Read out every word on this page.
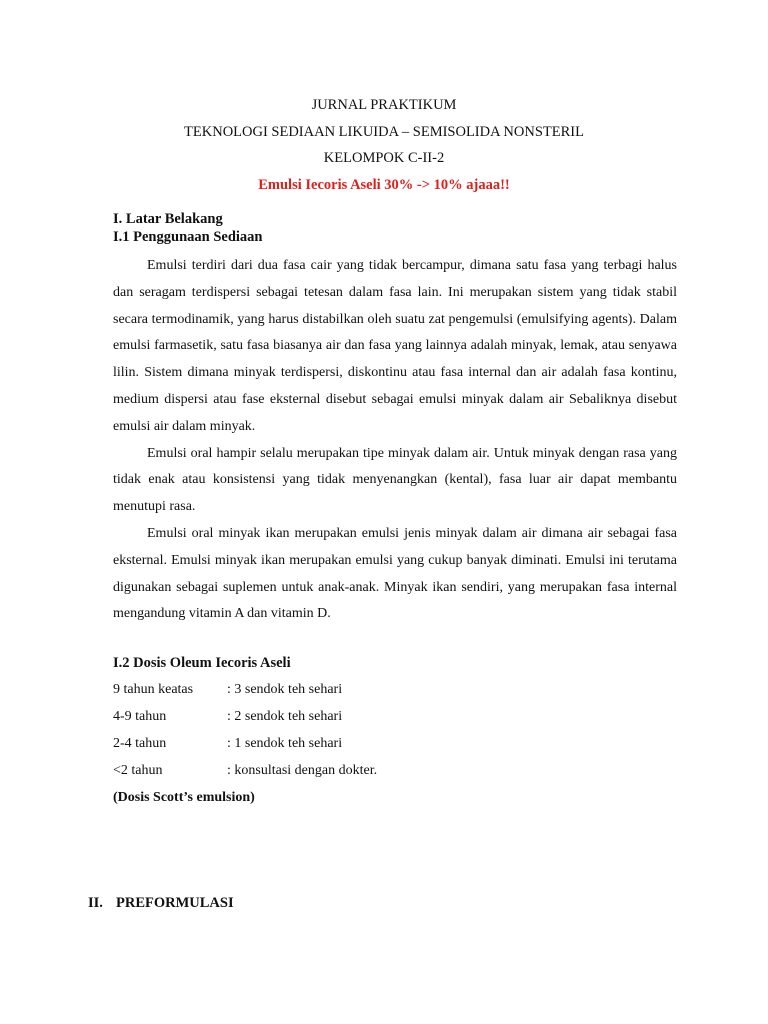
JURNAL PRAKTIKUM
TEKNOLOGI SEDIAAN LIKUIDA – SEMISOLIDA NONSTERIL
KELOMPOK C-II-2
Emulsi Iecoris Aseli 30% -> 10% ajaaa!!

I. Latar Belakang

I.1 Penggunaan Sediaan

Emulsi terdiri dari dua fasa cair yang tidak bercampur, dimana satu fasa yang terbagi halus dan seragam terdispersi sebagai tetesan dalam fasa lain. Ini merupakan sistem yang tidak stabil secara termodinamik, yang harus distabilkan oleh suatu zat pengemulsi (emulsifying agents). Dalam emulsi farmasetik, satu fasa biasanya air dan fasa yang lainnya adalah minyak, lemak, atau senyawa lilin. Sistem dimana minyak terdispersi, diskontinu atau fasa internal dan air adalah fasa kontinu, medium dispersi atau fase eksternal disebut sebagai emulsi minyak dalam air Sebaliknya disebut emulsi air dalam minyak.

Emulsi oral hampir selalu merupakan tipe minyak dalam air. Untuk minyak dengan rasa yang tidak enak atau konsistensi yang tidak menyenangkan (kental), fasa luar air dapat membantu menutupi rasa.

Emulsi oral minyak ikan merupakan emulsi jenis minyak dalam air dimana air sebagai fasa eksternal. Emulsi minyak ikan merupakan emulsi yang cukup banyak diminati. Emulsi ini terutama digunakan sebagai suplemen untuk anak-anak. Minyak ikan sendiri, yang merupakan fasa internal mengandung vitamin A dan vitamin D.

I.2 Dosis Oleum Iecoris Aseli

9 tahun keatas	: 3 sendok teh sehari
4-9 tahun	: 2 sendok teh sehari
2-4 tahun	: 1 sendok teh sehari
<2 tahun	: konsultasi dengan dokter.
(Dosis Scott’s emulsion)
II. PREFORMULASI
